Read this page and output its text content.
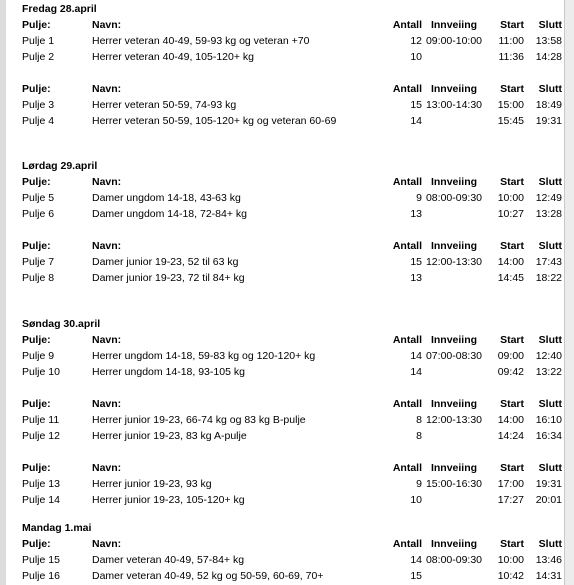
Fredag 28.april
Pulje:	Navn:	Antall Innveiing	Start	Slutt
Pulje 1	Herrer veteran 40-49, 59-93 kg og veteran +70	12 09:00-10:00	11:00	13:58
Pulje 2	Herrer veteran 40-49, 105-120+ kg	10	11:36	14:28
Pulje:	Navn:	Antall Innveiing	Start	Slutt
Pulje 3	Herrer veteran 50-59, 74-93 kg	15 13:00-14:30	15:00	18:49
Pulje 4	Herrer veteran 50-59, 105-120+ kg og veteran 60-69	14	15:45	19:31
Lørdag 29.april
Pulje:	Navn:	Antall Innveiing	Start	Slutt
Pulje 5	Damer ungdom 14-18, 43-63 kg	9 08:00-09:30	10:00	12:49
Pulje 6	Damer ungdom 14-18, 72-84+ kg	13	10:27	13:28
Pulje:	Navn:	Antall Innveiing	Start	Slutt
Pulje 7	Damer junior 19-23, 52 til 63 kg	15 12:00-13:30	14:00	17:43
Pulje 8	Damer junior 19-23, 72 til 84+ kg	13	14:45	18:22
Søndag 30.april
Pulje:	Navn:	Antall Innveiing	Start	Slutt
Pulje 9	Herrer ungdom 14-18, 59-83 kg og 120-120+ kg	14 07:00-08:30	09:00	12:40
Pulje 10	Herrer ungdom 14-18, 93-105 kg	14	09:42	13:22
Pulje:	Navn:	Antall Innveiing	Start	Slutt
Pulje 11	Herrer junior 19-23, 66-74 kg og 83 kg B-pulje	8 12:00-13:30	14:00	16:10
Pulje 12	Herrer junior 19-23, 83 kg A-pulje	8	14:24	16:34
Pulje:	Navn:	Antall Innveiing	Start	Slutt
Pulje 13	Herrer junior 19-23, 93 kg	9 15:00-16:30	17:00	19:31
Pulje 14	Herrer junior 19-23, 105-120+ kg	10	17:27	20:01
Mandag 1.mai
Pulje:	Navn:	Antall Innveiing	Start	Slutt
Pulje 15	Damer veteran 40-49, 57-84+ kg	14 08:00-09:30	10:00	13:46
Pulje 16	Damer veteran 40-49, 52 kg og 50-59, 60-69, 70+	15	10:42	14:31
